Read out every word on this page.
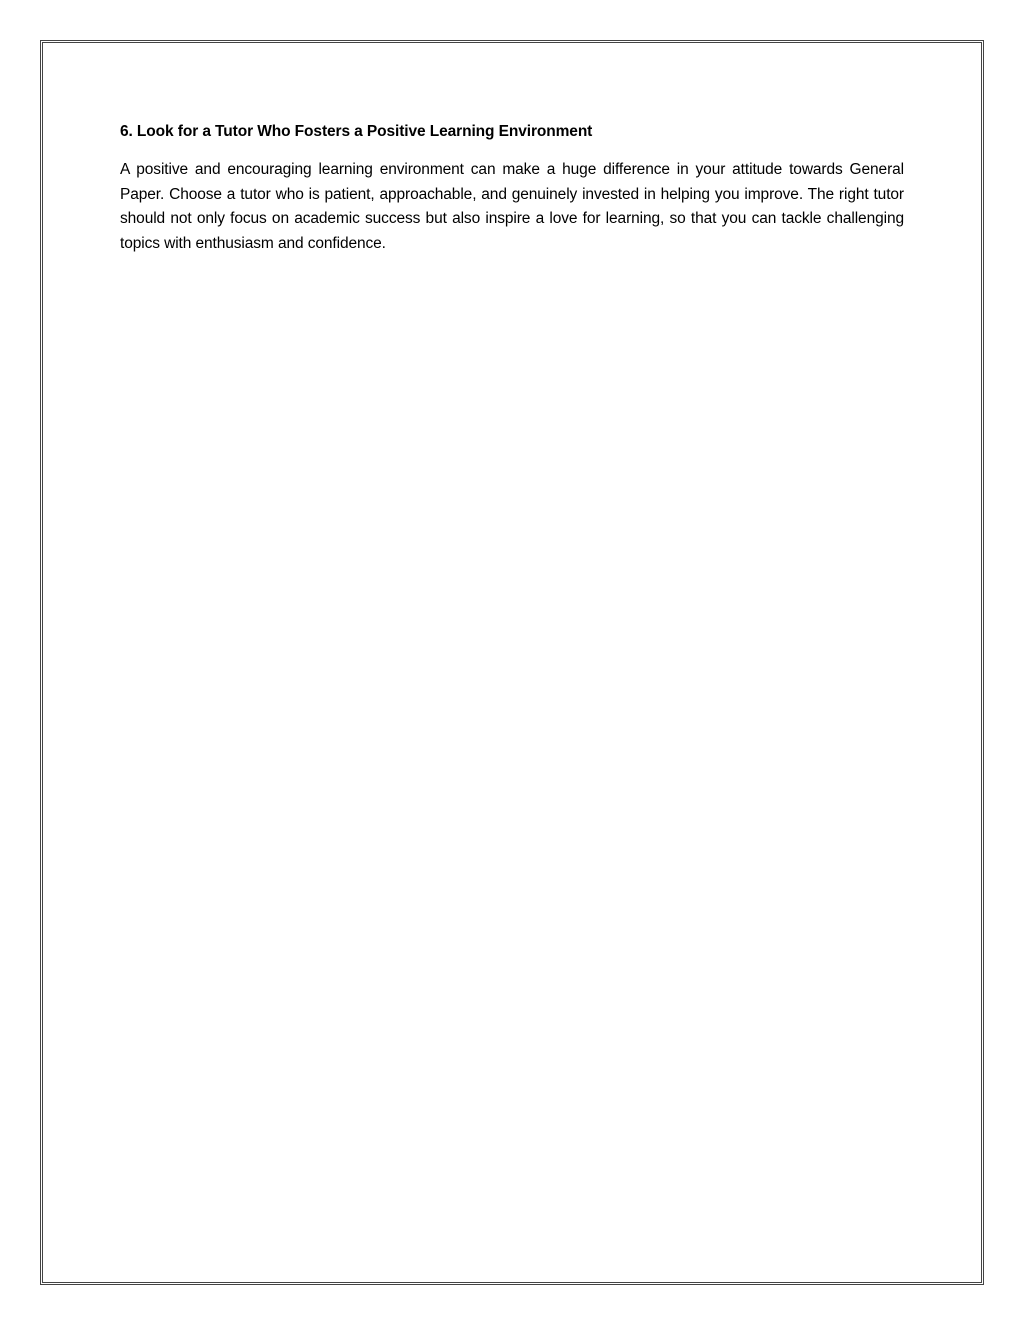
6. Look for a Tutor Who Fosters a Positive Learning Environment

A positive and encouraging learning environment can make a huge difference in your attitude towards General Paper. Choose a tutor who is patient, approachable, and genuinely invested in helping you improve. The right tutor should not only focus on academic success but also inspire a love for learning, so that you can tackle challenging topics with enthusiasm and confidence.
